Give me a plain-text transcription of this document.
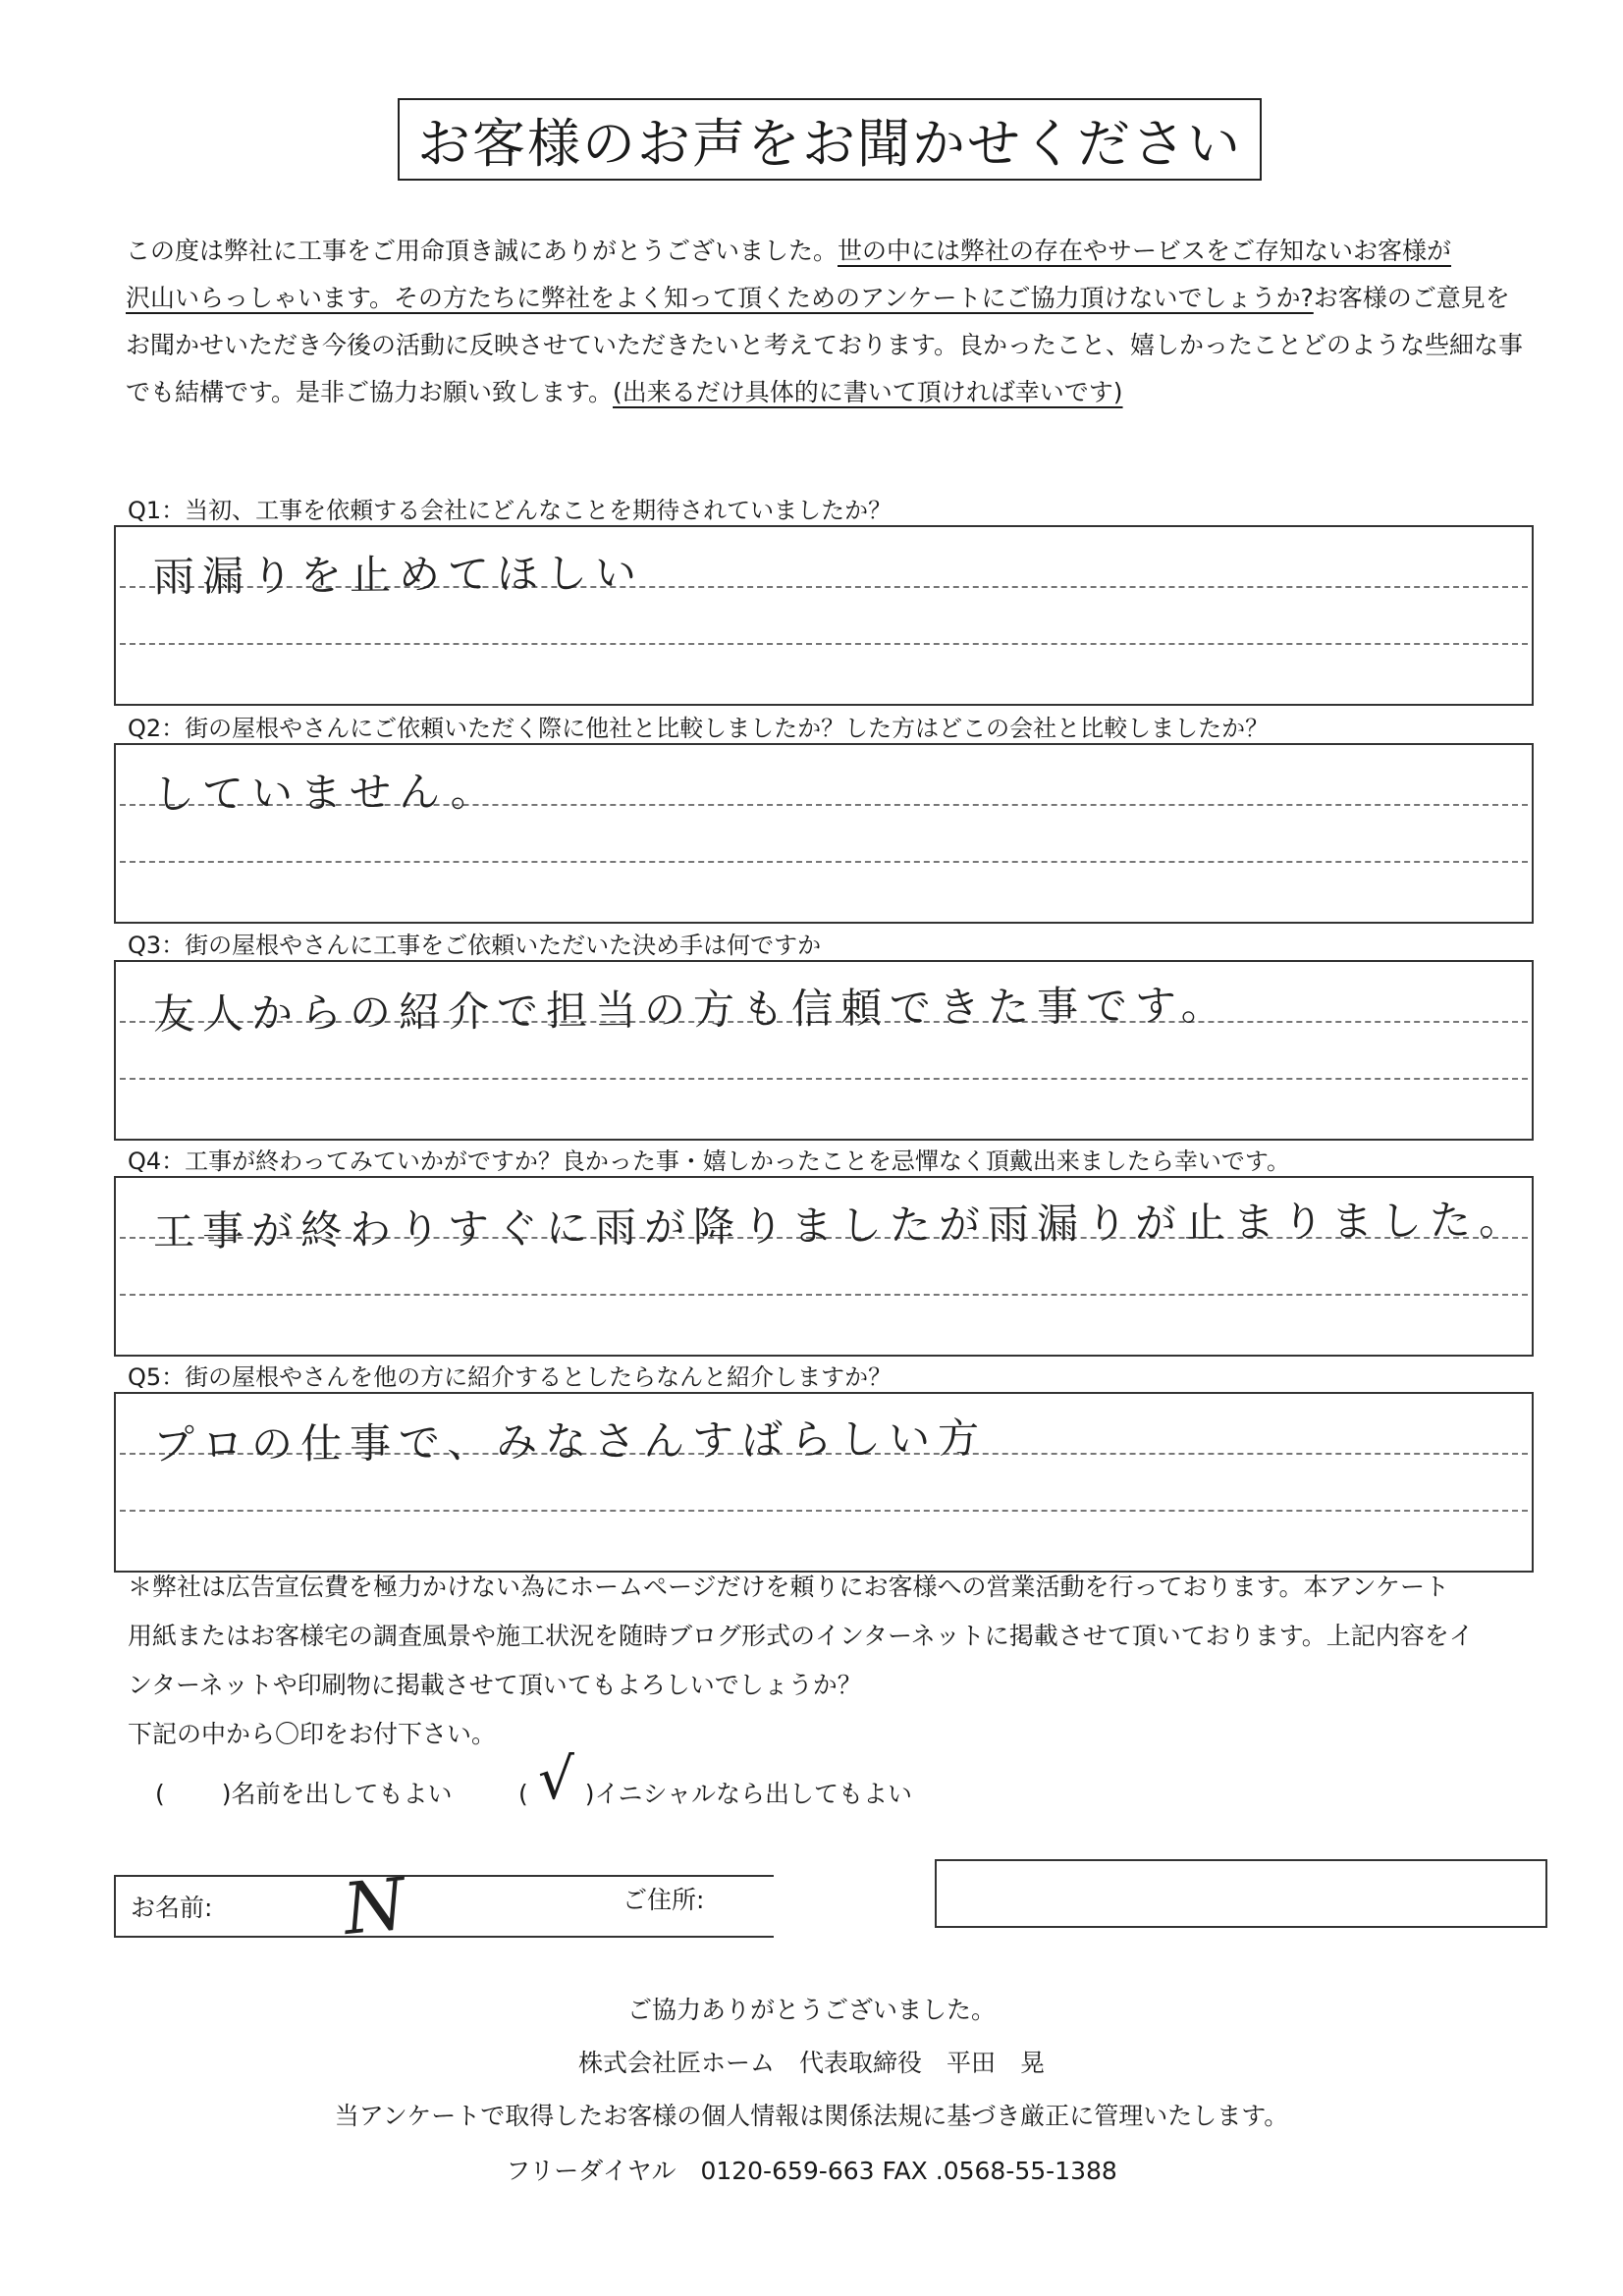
お客様のお声をお聞かせください
この度は弊社に工事をご用命頂き誠にありがとうございました。世の中には弊社の存在やサービスをご存知ないお客様が
沢山いらっしゃいます。その方たちに弊社をよく知って頂くためのアンケートにご協力頂けないでしょうか?お客様のご意見を
お聞かせいただき今後の活動に反映させていただきたいと考えております。良かったこと、嬉しかったことどのような些細な事
でも結構です。是非ご協力お願い致します。(出来るだけ具体的に書いて頂ければ幸いです)
Q1：当初、工事を依頼する会社にどんなことを期待されていましたか？
雨漏りを止めてほしい
Q2：街の屋根やさんにご依頼いただく際に他社と比較しましたか？した方はどこの会社と比較しましたか？
していません。
Q3：街の屋根やさんに工事をご依頼いただいた決め手は何ですか
友人からの紹介で担当の方も信頼できた事です。
Q4：工事が終わってみていかがですか？良かった事・嬉しかったことを忌憚なく頂戴出来ましたら幸いです。
工事が終わりすぐに雨が降りましたが雨漏りが止まりました。
Q5：街の屋根やさんを他の方に紹介するとしたらなんと紹介しますか？
プロの仕事で、みなさんすばらしい方
＊弊社は広告宣伝費を極力かけない為にホームページだけを頼りにお客様への営業活動を行っております。本アンケート
用紙またはお客様宅の調査風景や施工状況を随時ブログ形式のインターネットに掲載させて頂いております。上記内容をイ
ンターネットや印刷物に掲載させて頂いてもよろしいでしょうか？
下記の中から〇印をお付下さい。
( )名前を出してもよい	( )イニシャルなら出してもよい
√
お名前: N	ご住所:
ご協力ありがとうございました。
株式会社匠ホーム　代表取締役　平田　晃
当アンケートで取得したお客様の個人情報は関係法規に基づき厳正に管理いたします。
フリーダイヤル　0120-659-663 FAX .0568-55-1388
